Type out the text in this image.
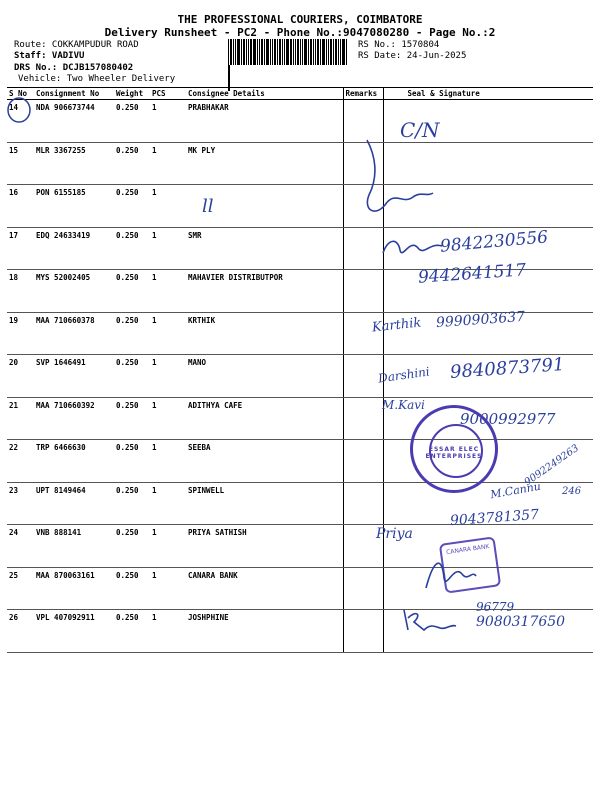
THE PROFESSIONAL COURIERS, COIMBATORE
Delivery Runsheet - PC2 - Phone No.:9047080280 - Page No.:2
Route: COKKAMPUDUR ROAD
Staff: VADIVU
DRS No.: DCJB157080402
Vehicle: Two Wheeler Delivery
RS No.: 1570804
RS Date: 24-Jun-2025
S No	Consignment No	Weight	PCS	Consignee Details	Remarks	Seal & Signature
14	NDA 906673744	0.250	1	PRABHAKAR		
15	MLR 3367255	0.250	1	MK PLY		
16	PON 6155185	0.250	1			
17	EDQ 24633419	0.250	1	SMR		
18	MYS 52002405	0.250	1	MAHAVIER DISTRIBUTPOR		
19	MAA 710660378	0.250	1	KRTHIK		
20	SVP 1646491	0.250	1	MANO		
21	MAA 710660392	0.250	1	ADITHYA CAFE		
22	TRP 6466630	0.250	1	SEEBA		
23	UPT 8149464	0.250	1	SPINWELL		
24	VNB 888141	0.250	1	PRIYA SATHISH		
25	MAA 870063161	0.250	1	CANARA BANK		
26	VPL 407092911	0.250	1	JOSHPHINE		
C/N
ll
9842230556
9442641517
Karthik 9990903637
Darshini 9840873791
M.Kavi
9000992977
ESSAR ELEC ENTERPRISES
M.Cannu
9092249263
246
Priya
9043781357
CANARA BANK
96779
9080317650
